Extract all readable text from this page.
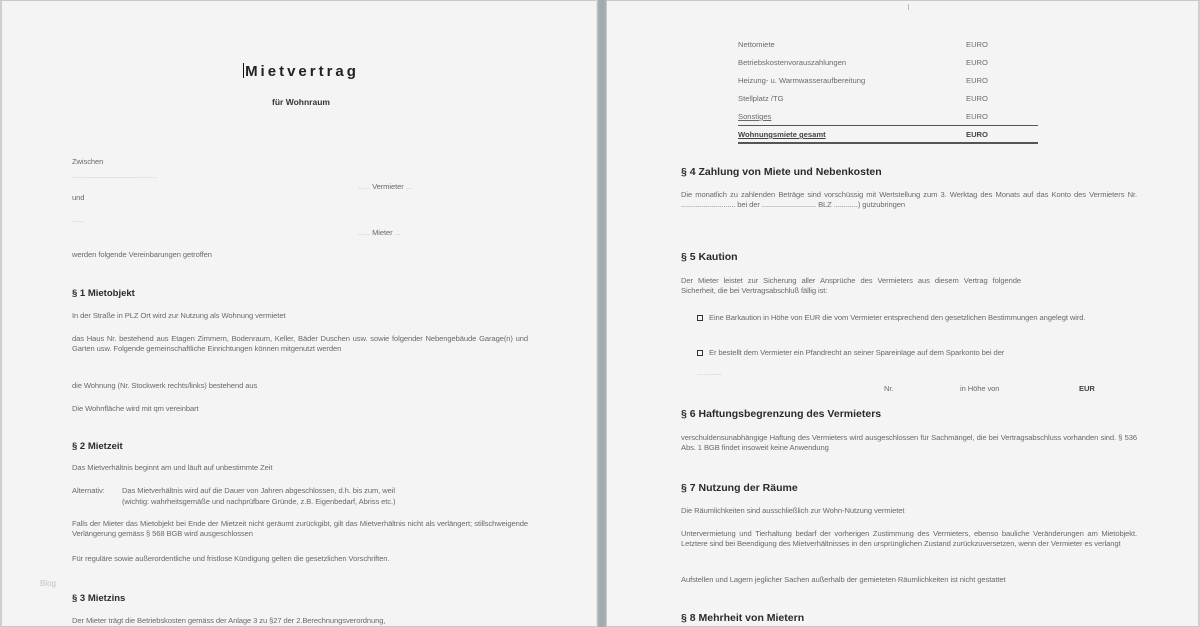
Mietvertrag
für Wohnraum
Zwischen
..........................................
...... Vermieter ...
und
......
...... Mieter ...
werden folgende Vereinbarungen getroffen
§ 1 Mietobjekt
In der Straße in PLZ Ort wird zur Nutzung als Wohnung vermietet
das Haus Nr. bestehend aus Etagen Zimmern, Bodenraum, Keller, Bäder Duschen usw. sowie folgender Nebengebäude Garage(n) und Garten usw. Folgende gemeinschaftliche Einrichtungen können mitgenutzt werden
die Wohnung (Nr. Stockwerk rechts/links) bestehend aus
Die Wohnfläche wird mit qm vereinbart
§ 2 Mietzeit
Das Mietverhältnis beginnt am und läuft auf unbestimmte Zeit
Alternativ: Das Mietverhältnis wird auf die Dauer von Jahren abgeschlossen, d.h. bis zum, weil
(wichtig: wahrheitsgemäße und nachprüfbare Gründe, z.B. Eigenbedarf, Abriss etc.)
Falls der Mieter das Mietobjekt bei Ende der Mietzeit nicht geräumt zurückgibt, gilt das Mietverhältnis nicht als verlängert; stillschweigende Verlängerung gemäss § 568 BGB wird ausgeschlossen
Für reguläre sowie außerordentliche und fristlose Kündigung gelten die gesetzlichen Vorschriften.
Blog
§ 3 Mietzins
Der Mieter trägt die Betriebskosten gemäss der Anlage 3 zu §27 der 2.Berechnungsverordnung,
Nettomiete	EURO
Betriebskostenvorauszahlungen	EURO
Heizung- u. Warmwasseraufbereitung	EURO
Stellplatz /TG	EURO
Sonstiges	EURO
Wohnungsmiete gesamt	EURO
§ 4 Zahlung von Miete und Nebenkosten
Die monatlich zu zahlenden Beträge sind vorschüssig mit Wertstellung zum 3. Werktag des Monats auf das Konto des Vermieters Nr. ........................... bei der ........................... BLZ ............) gutzubringen
§ 5 Kaution
Der Mieter leistet zur Sicherung aller Ansprüche des Vermieters aus diesem Vertrag folgende Sicherheit, die bei Vertragsabschluß fällig ist:
Eine Barkaution in Höhe von EUR die vom Vermieter entsprechend den gesetzlichen Bestimmungen angelegt wird.
Er bestellt dem Vermieter ein Pfandrecht an seiner Spareinlage auf dem Sparkonto bei der
............
Nr.	in Höhe von	EUR
§ 6 Haftungsbegrenzung des Vermieters
verschuldensunabhängige Haftung des Vermieters wird ausgeschlossen für Sachmängel, die bei Vertragsabschluss vorhanden sind. § 536 Abs. 1 BGB findet insoweit keine Anwendung
§ 7 Nutzung der Räume
Die Räumlichkeiten sind ausschließlich zur Wohn-Nutzung vermietet
Untervermietung und Tierhaltung bedarf der vorherigen Zustimmung des Vermieters, ebenso bauliche Veränderungen am Mietobjekt. Letztere sind bei Beendigung des Mietverhältnisses in den ursprünglichen Zustand zurückzuversetzen, wenn der Vermieter es verlangt
Aufstellen und Lagern jeglicher Sachen außerhalb der gemieteten Räumlichkeiten ist nicht gestattet
§ 8 Mehrheit von Mietern
